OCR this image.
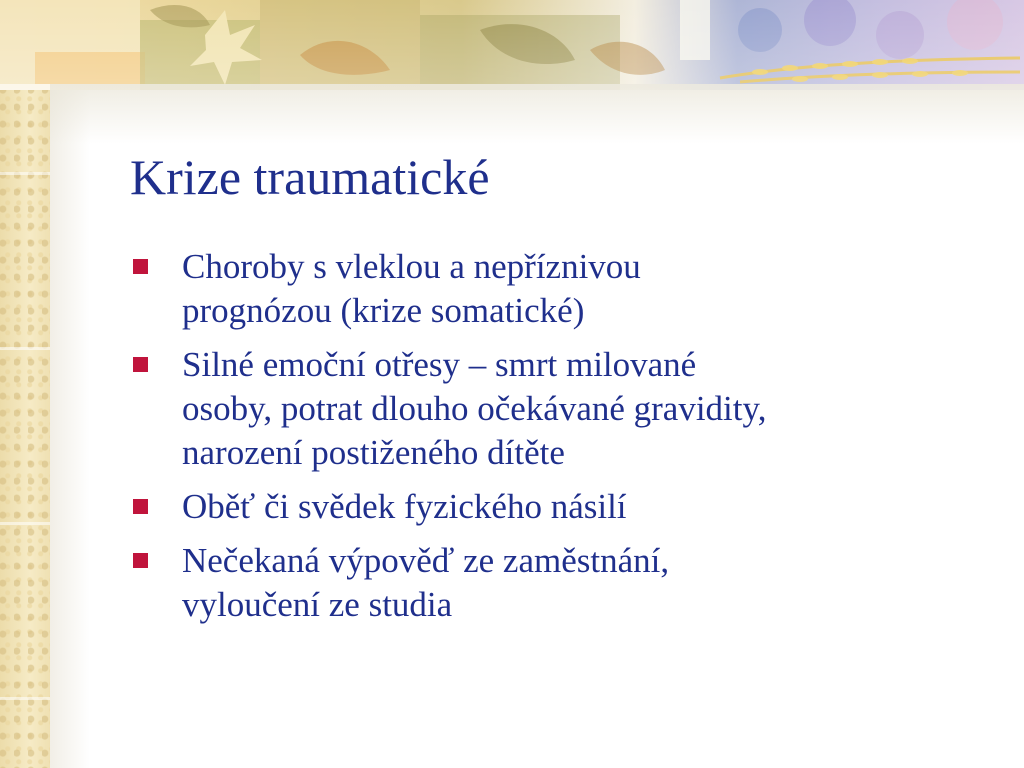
Krize traumatické
Choroby s vleklou a nepříznivou
prognózou (krize somatické)
Silné emoční otřesy – smrt milované
osoby, potrat dlouho očekávané gravidity,
narození postiženého dítěte
Oběť či svědek fyzického násilí
Nečekaná výpověď ze zaměstnání,
vyloučení ze studia
